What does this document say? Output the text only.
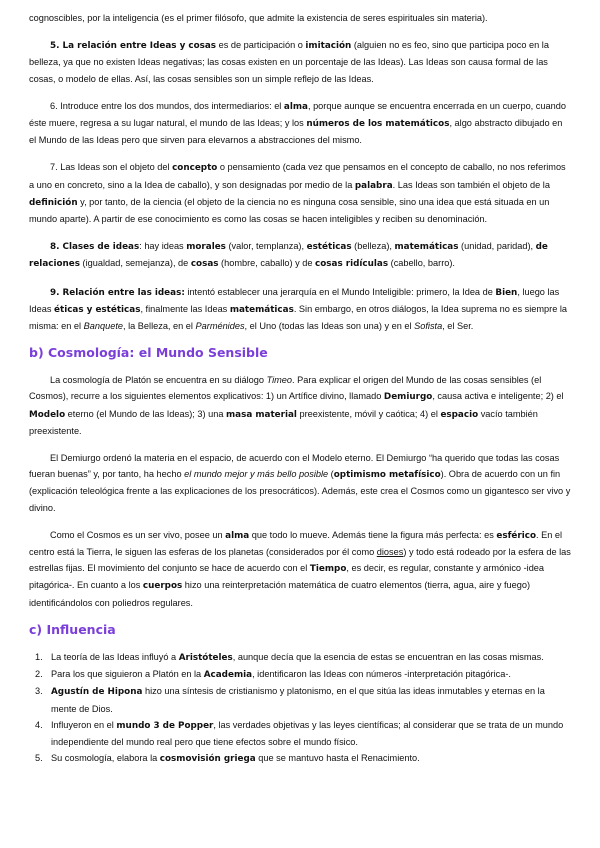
cognoscibles, por la inteligencia (es el primer filósofo, que admite la existencia de seres espirituales sin materia).

5. La relación entre Ideas y cosas es de participación o imitación (alguien no es feo, sino que participa poco en la belleza, ya que no existen Ideas negativas; las cosas existen en un porcentaje de las Ideas). Las Ideas son causa formal de las cosas, o modelo de ellas. Así, las cosas sensibles son un simple reflejo de las Ideas.

6. Introduce entre los dos mundos, dos intermediarios: el alma, porque aunque se encuentra encerrada en un cuerpo, cuando éste muere, regresa a su lugar natural, el mundo de las Ideas; y los números de los matemáticos, algo abstracto dibujado en el Mundo de las Ideas pero que sirven para elevarnos a abstracciones del mismo.

7. Las Ideas son el objeto del concepto o pensamiento (cada vez que pensamos en el concepto de caballo, no nos referimos a uno en concreto, sino a la Idea de caballo), y son designadas por medio de la palabra. Las Ideas son también el objeto de la definición y, por tanto, de la ciencia (el objeto de la ciencia no es ninguna cosa sensible, sino una idea que está situada en un mundo aparte). A partir de ese conocimiento es como las cosas se hacen inteligibles y reciben su denominación.

8. Clases de ideas: hay ideas morales (valor, templanza), estéticas (belleza), matemáticas (unidad, paridad), de relaciones (igualdad, semejanza), de cosas (hombre, caballo) y de cosas ridículas (cabello, barro).

9. Relación entre las ideas: intentó establecer una jerarquía en el Mundo Inteligible: primero, la Idea de Bien, luego las Ideas éticas y estéticas, finalmente las Ideas matemáticas. Sin embargo, en otros diálogos, la Idea suprema no es siempre la misma: en el Banquete, la Belleza, en el Parménides, el Uno (todas las Ideas son una) y en el Sofista, el Ser.

b) Cosmología: el Mundo Sensible

La cosmología de Platón se encuentra en su diálogo Timeo. Para explicar el origen del Mundo de las cosas sensibles (el Cosmos), recurre a los siguientes elementos explicativos: 1) un Artífice divino, llamado Demiurgo, causa activa e inteligente; 2) el Modelo eterno (el Mundo de las Ideas); 3) una masa material preexistente, móvil y caótica; 4) el espacio vacío también preexistente.

El Demiurgo ordenó la materia en el espacio, de acuerdo con el Modelo eterno. El Demiurgo “ha querido que todas las cosas fueran buenas” y, por tanto, ha hecho el mundo mejor y más bello posible (optimismo metafísico). Obra de acuerdo con un fin (explicación teleológica frente a las explicaciones de los presocráticos). Además, este crea el Cosmos como un gigantesco ser vivo y divino.

Como el Cosmos es un ser vivo, posee un alma que todo lo mueve. Además tiene la figura más perfecta: es esférico. En el centro está la Tierra, le siguen las esferas de los planetas (considerados por él como dioses) y todo está rodeado por la esfera de las estrellas fijas. El movimiento del conjunto se hace de acuerdo con el Tiempo, es decir, es regular, constante y armónico -idea pitagórica-. En cuanto a los cuerpos hizo una reinterpretación matemática de cuatro elementos (tierra, agua, aire y fuego) identificándolos con poliedros regulares.

c) Influencia
1. La teoría de las Ideas influyó a Aristóteles, aunque decía que la esencia de estas se encuentran en las cosas mismas.
2. Para los que siguieron a Platón en la Academia, identificaron las Ideas con números -interpretación pitagórica-.
3. Agustín de Hipona hizo una síntesis de cristianismo y platonismo, en el que sitúa las ideas inmutables y eternas en la mente de Dios.
4. Influyeron en el mundo 3 de Popper, las verdades objetivas y las leyes científicas; al considerar que se trata de un mundo independiente del mundo real pero que tiene efectos sobre el mundo físico.
5. Su cosmología, elabora la cosmovisión griega que se mantuvo hasta el Renacimiento.
